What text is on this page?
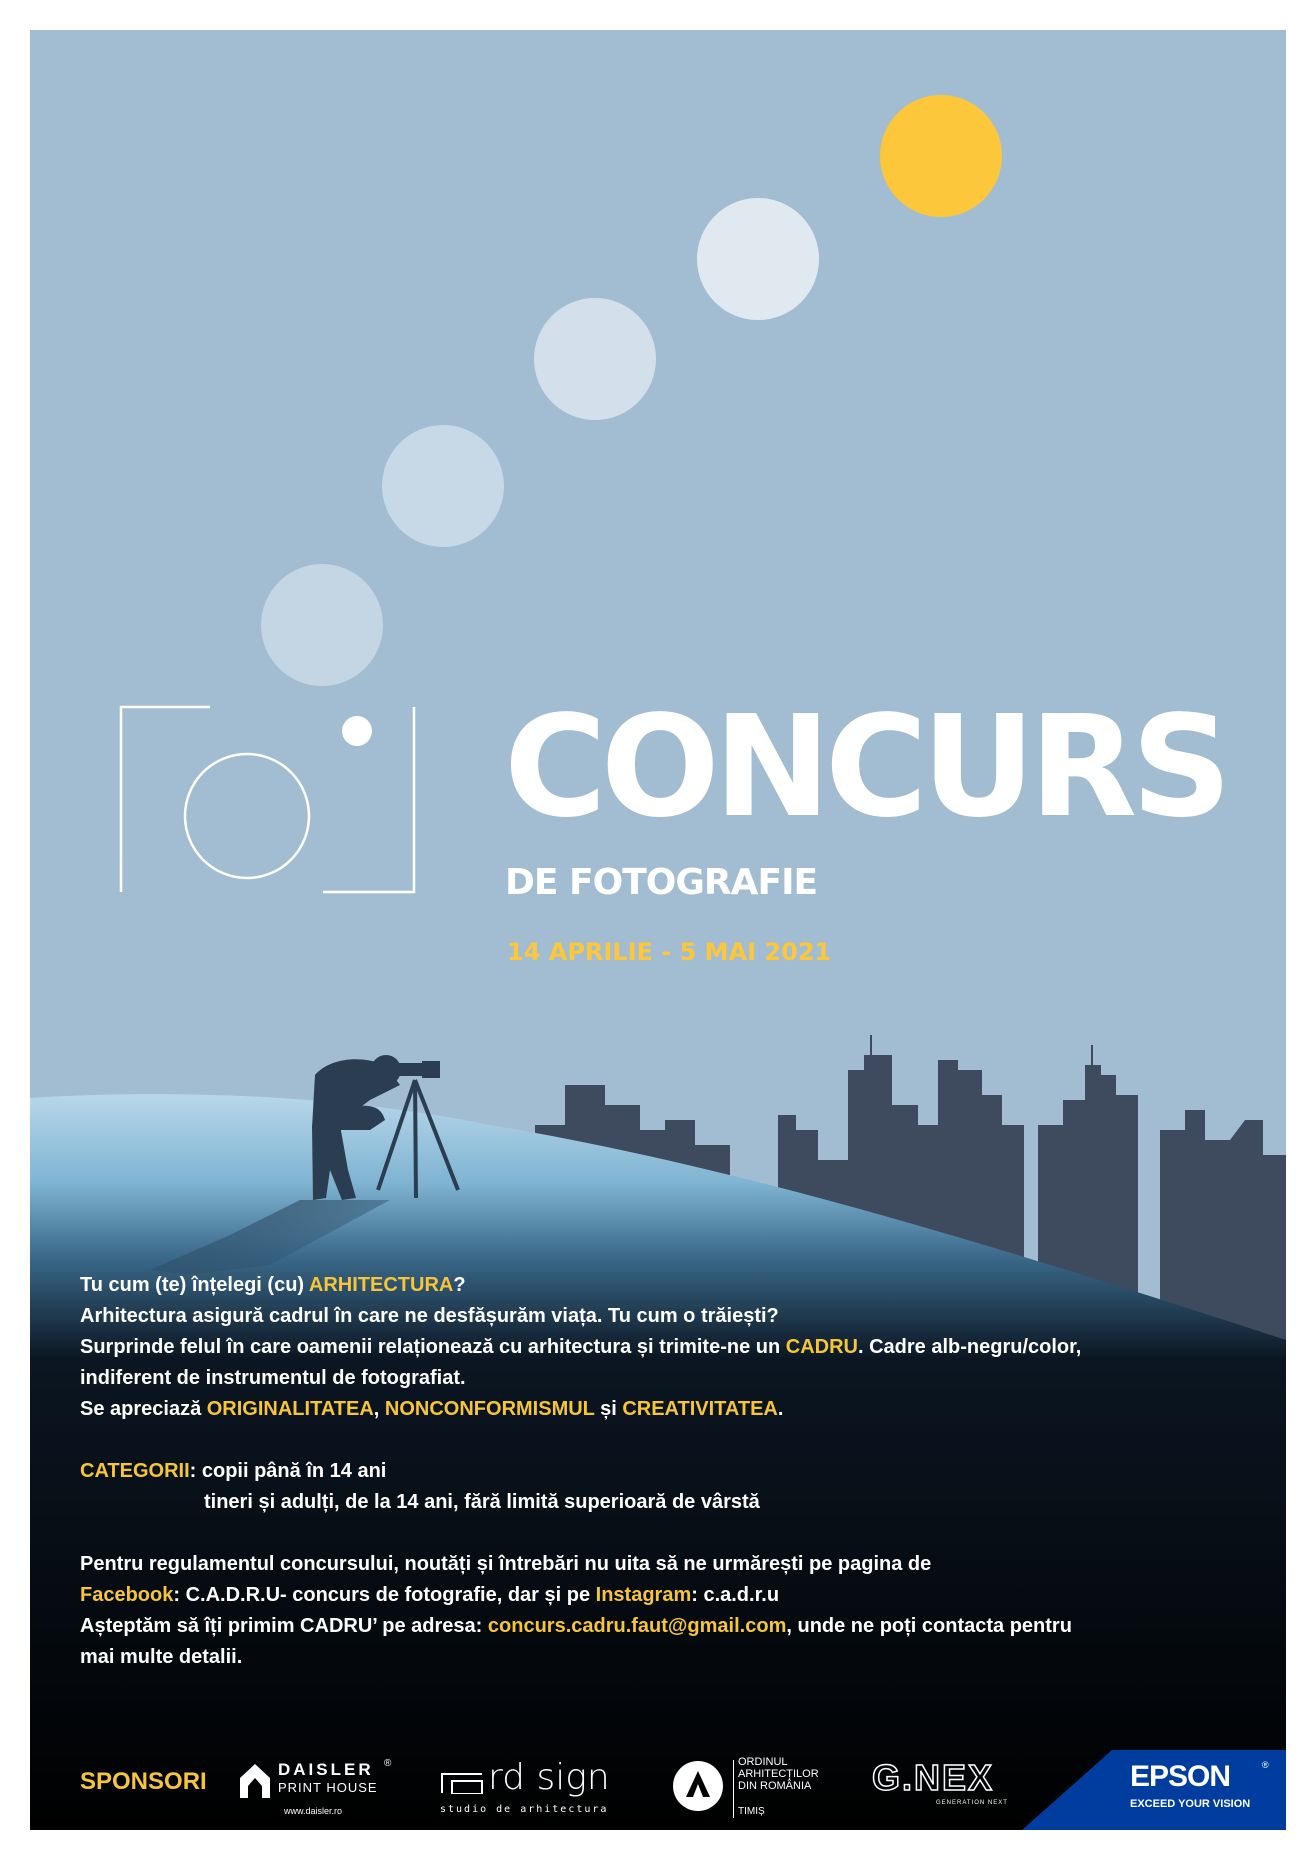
CONCURS
DE FOTOGRAFIE
14 APRILIE - 5 MAI 2021

Tu cum (te) înțelegi (cu) ARHITECTURA?

Arhitectura asigură cadrul în care ne desfășurăm viața. Tu cum o trăiești?

Surprinde felul în care oamenii relaționează cu arhitectura și trimite-ne un CADRU. Cadre alb-negru/color,

indiferent de instrumentul de fotografiat.

Se apreciază ORIGINALITATEA, NONCONFORMISMUL și CREATIVITATEA.

CATEGORII: copii până în 14 ani

tineri și adulți, de la 14 ani, fără limită superioară de vârstă

Pentru regulamentul concursului, noutăți și întrebări nu uita să ne urmărești pe pagina de

Facebook: C.A.D.R.U- concurs de fotografie, dar și pe Instagram: c.a.d.r.u

Așteptăm să îți primim CADRU’ pe adresa: concurs.cadru.faut@gmail.com, unde ne poți contacta pentru

mai multe detalii.

SPONSORI	DAISLER ®
PRINT HOUSE
www.daisler.ro
rd sign
studio de arhitectura
ORDINUL
ARHITECȚILOR
DIN ROMÂNIA
TIMIȘ
G.NEX
GENERATION NEXT
EPSON	®
EXCEED YOUR VISION
